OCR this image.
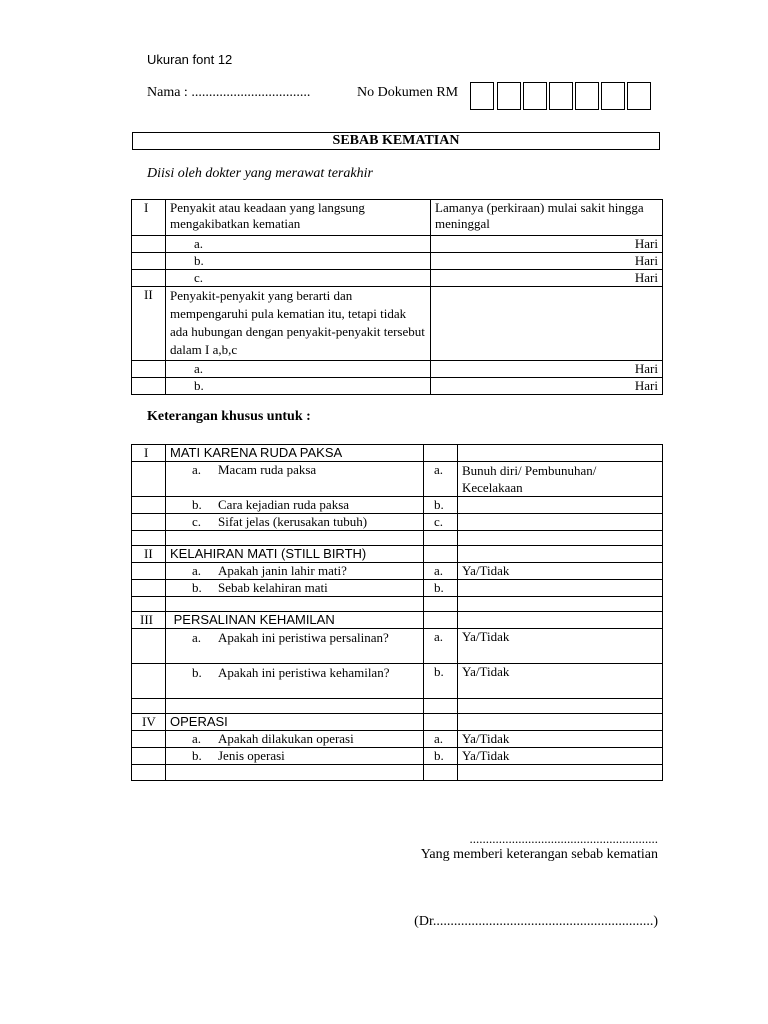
Ukuran font 12
Nama : ..................................	No Dokumen RM
SEBAB KEMATIAN
Diisi oleh dokter yang merawat terakhir
I	Penyakit atau keadaan yang langsung mengakibatkan kematian	Lamanya (perkiraan) mulai sakit hingga meninggal
	a.	Hari
	b.	Hari
	c.	Hari
II	Penyakit-penyakit yang berarti dan mempengaruhi pula kematian itu, tetapi tidak ada hubungan dengan penyakit-penyakit tersebut dalam I a,b,c	
	a.	Hari
	b.	Hari
Keterangan khusus untuk :
I	MATI KARENA RUDA PAKSA		
	a. Macam ruda paksa	a.	Bunuh diri/ Pembunuhan/ Kecelakaan
	b. Cara kejadian ruda paksa	b.	
	c. Sifat jelas (kerusakan tubuh)	c.	

II	KELAHIRAN MATI (STILL BIRTH)		
	a. Apakah janin lahir mati?	a.	Ya/Tidak
	b. Sebab kelahiran mati	b.	

III	PERSALINAN KEHAMILAN		
	a. Apakah ini peristiwa persalinan?	a.	Ya/Tidak
	b. Apakah ini peristiwa kehamilan?	b.	Ya/Tidak

IV	OPERASI		
	a. Apakah dilakukan operasi	a.	Ya/Tidak
	b. Jenis operasi	b.	Ya/Tidak

..........................................................
Yang memberi keterangan sebab kematian
(Dr...............................................................)
